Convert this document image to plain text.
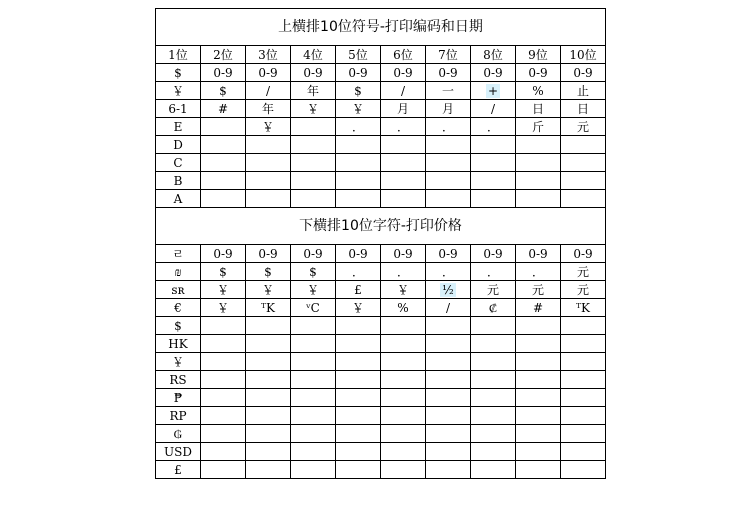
上横排10位符号-打印编码和日期									
1位	2位	3位	4位	5位	6位	7位	8位	9位	10位
$	0-9	0-9	0-9	0-9	0-9	0-9	0-9	0-9	0-9
￥	$	/	年	$	/	一	+	%	止
6-1	#	年	￥	￥	月	月	/	日	日
E		￥		．	．	．	．	斤	元
D									
C									
B									
A									
下横排10位字符-打印价格									
ㄹ	0-9	0-9	0-9	0-9	0-9	0-9	0-9	0-9	0-9
₪	$	$	$	．	．	．	．	．	元
ꜱʀ	￥	￥	￥	£	￥	½	元	元	元
€	￥	ᵀK	ᵛC	￥	%	/	₡	#	ᵀK
$									
HK									
￥									
RS									
₱									
RP									
₲									
USD									
£									
